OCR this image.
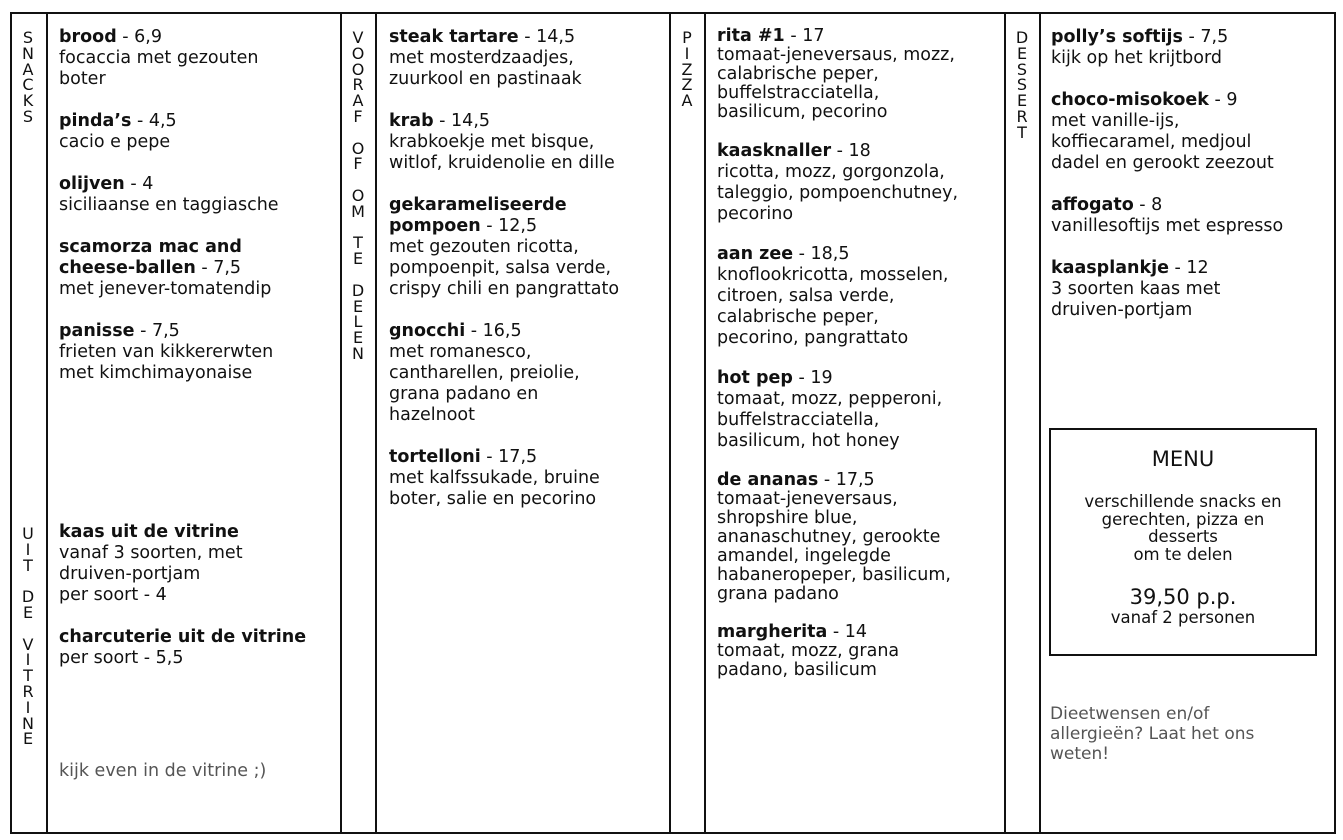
S
N
A
C
K
S
U
I
T

D
E

V
I
T
R
I
N
E
V
O
O
R
A
F

O
F

O
M

T
E

D
E
L
E
N
P
I
Z
Z
A
D
E
S
S
E
R
T
brood - 6,9
focaccia met gezouten
boter
pinda’s - 4,5
cacio e pepe
olijven - 4
siciliaanse en taggiasche
scamorza mac and
cheese-ballen - 7,5
met jenever-tomatendip
panisse - 7,5
frieten van kikkererwten
met kimchimayonaise
kaas uit de vitrine
vanaf 3 soorten, met
druiven-portjam
per soort - 4
charcuterie uit de vitrine
per soort - 5,5
kijk even in de vitrine ;)
steak tartare - 14,5
met mosterdzaadjes,
zuurkool en pastinaak
krab - 14,5
krabkoekje met bisque,
witlof, kruidenolie en dille
gekarameliseerde
pompoen - 12,5
met gezouten ricotta,
pompoenpit, salsa verde,
crispy chili en pangrattato
gnocchi - 16,5
met romanesco,
cantharellen, preiolie,
grana padano en
hazelnoot
tortelloni - 17,5
met kalfssukade, bruine
boter, salie en pecorino
rita #1 - 17
tomaat-jeneversaus, mozz,
calabrische peper,
buffelstracciatella,
basilicum, pecorino
kaasknaller - 18
ricotta, mozz, gorgonzola,
taleggio, pompoenchutney,
pecorino
aan zee - 18,5
knoflookricotta, mosselen,
citroen, salsa verde,
calabrische peper,
pecorino, pangrattato
hot pep - 19
tomaat, mozz, pepperoni,
buffelstracciatella,
basilicum, hot honey
de ananas - 17,5
tomaat-jeneversaus,
shropshire blue,
ananaschutney, gerookte
amandel, ingelegde
habaneropeper, basilicum,
grana padano
margherita - 14
tomaat, mozz, grana
padano, basilicum
polly’s softijs - 7,5
kijk op het krijtbord
choco-misokoek - 9
met vanille-ijs,
koffiecaramel, medjoul
dadel en gerookt zeezout
affogato - 8
vanillesoftijs met espresso
kaasplankje - 12
3 soorten kaas met
druiven-portjam
MENU
verschillende snacks en
gerechten, pizza en
desserts
om te delen
39,50 p.p.
vanaf 2 personen
Dieetwensen en/of
allergieën? Laat het ons
weten!
